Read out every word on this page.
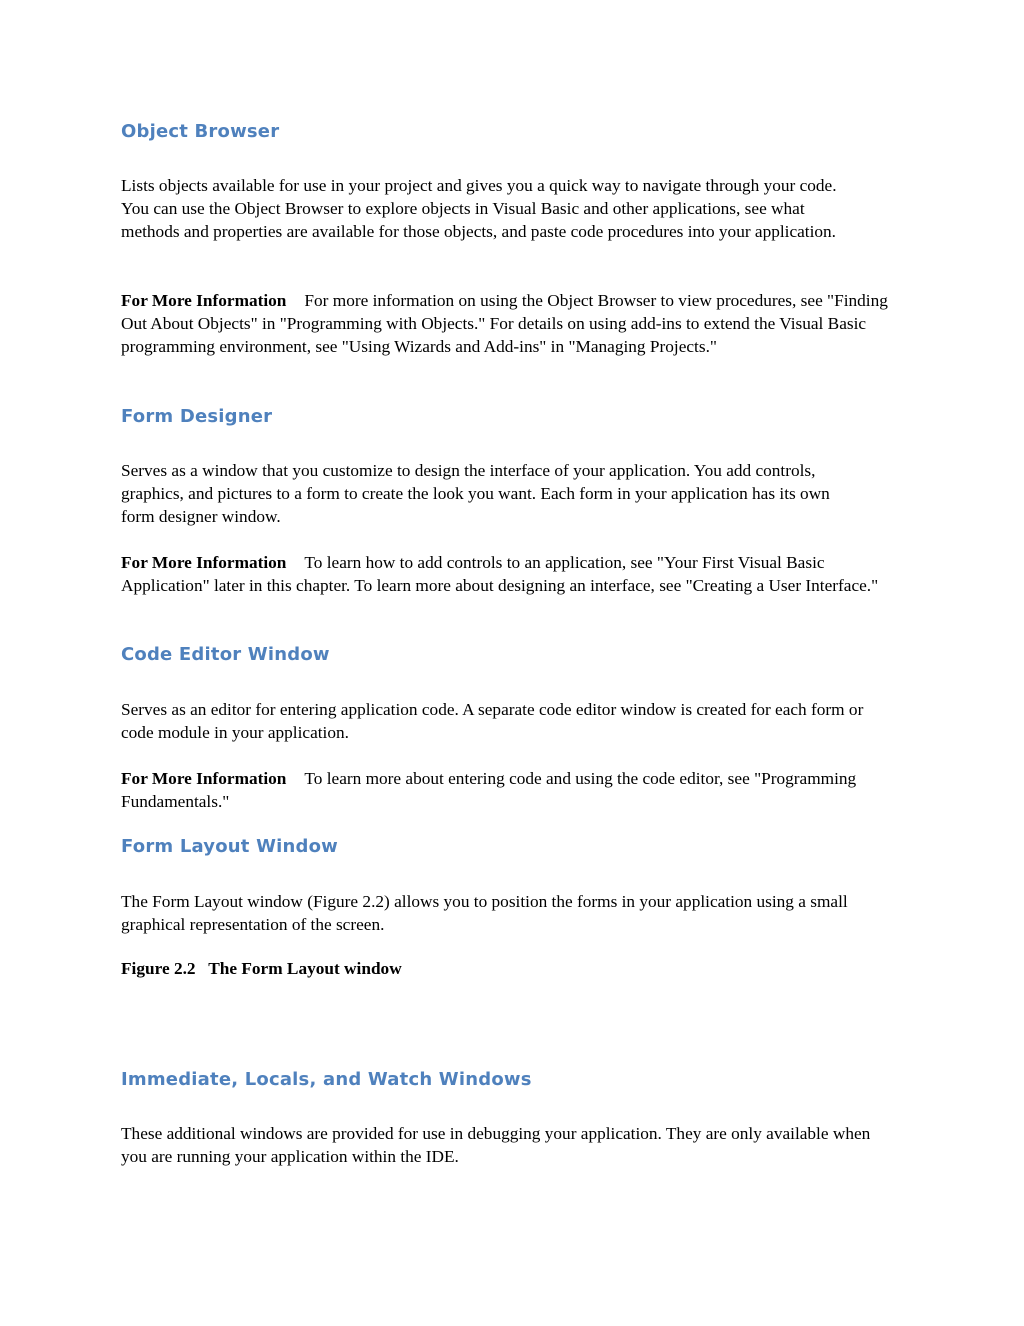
Object Browser

Lists objects available for use in your project and gives you a quick way to navigate through your code. You can use the Object Browser to explore objects in Visual Basic and other applications, see what methods and properties are available for those objects, and paste code procedures into your application.

For More Information For more information on using the Object Browser to view procedures, see "Finding Out About Objects" in "Programming with Objects." For details on using add-ins to extend the Visual Basic programming environment, see "Using Wizards and Add-ins" in "Managing Projects."

Form Designer

Serves as a window that you customize to design the interface of your application. You add controls, graphics, and pictures to a form to create the look you want. Each form in your application has its own form designer window.

For More Information To learn how to add controls to an application, see "Your First Visual Basic Application" later in this chapter. To learn more about designing an interface, see "Creating a User Interface."

Code Editor Window

Serves as an editor for entering application code. A separate code editor window is created for each form or code module in your application.

For More Information To learn more about entering code and using the code editor, see "Programming Fundamentals."

Form Layout Window

The Form Layout window (Figure 2.2) allows you to position the forms in your application using a small graphical representation of the screen.

Figure 2.2   The Form Layout window

Immediate, Locals, and Watch Windows

These additional windows are provided for use in debugging your application. They are only available when you are running your application within the IDE.
